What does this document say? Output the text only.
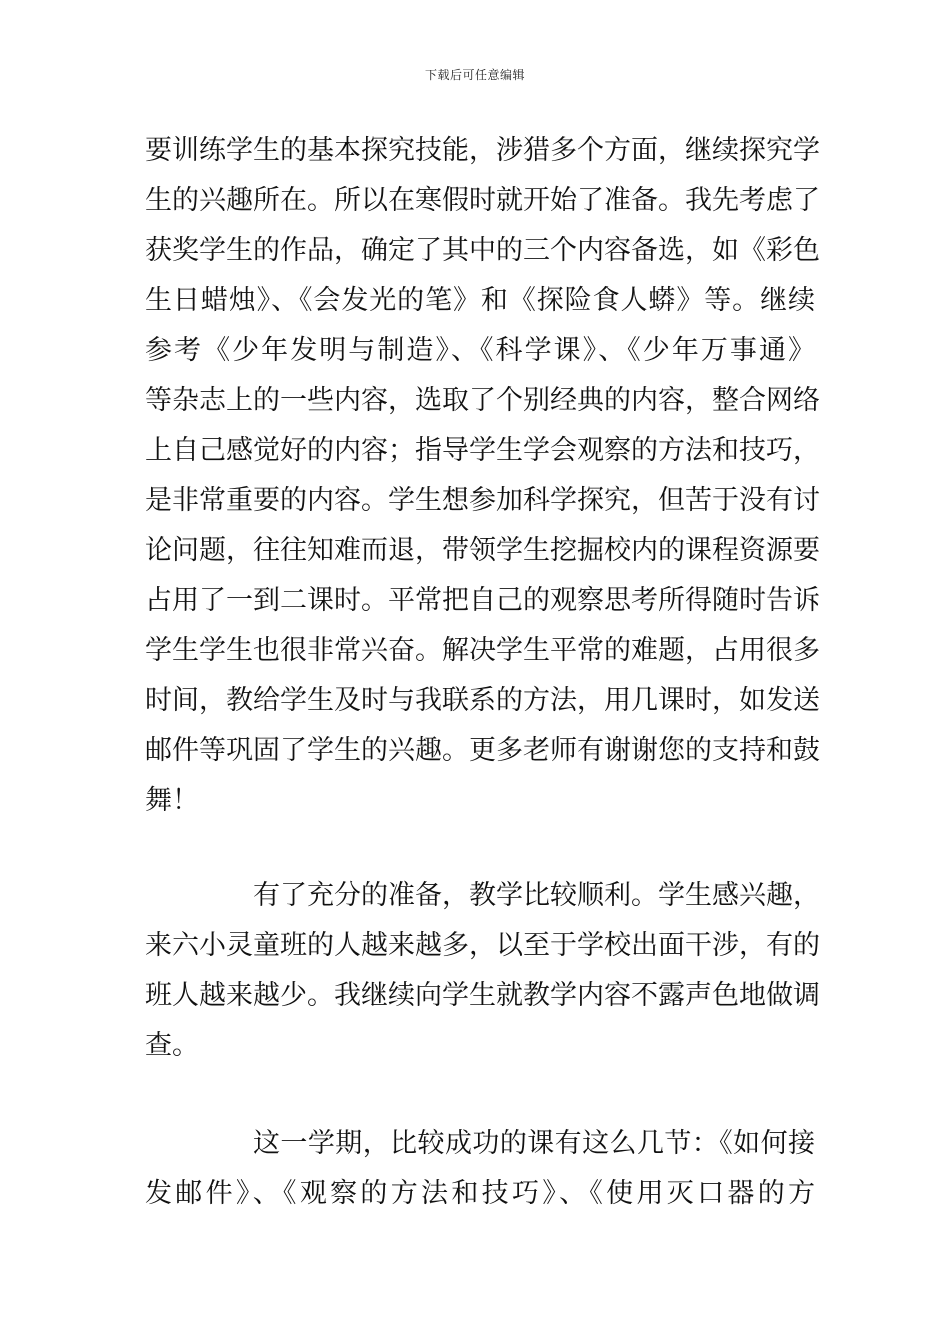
下载后可任意编辑
要训练学生的基本探究技能，涉猎多个方面，继续探究学
生的兴趣所在。所以在寒假时就开始了准备。我先考虑了
获奖学生的作品，确定了其中的三个内容备选，如《彩色
生日蜡烛》、《会发光的笔》和《探险食人蟒》等。继续
参考《少年发明与制造》、《科学课》、《少年万事通》
等杂志上的一些内容，选取了个别经典的内容，整合网络
上自己感觉好的内容；指导学生学会观察的方法和技巧，
是非常重要的内容。学生想参加科学探究，但苦于没有讨
论问题，往往知难而退，带领学生挖掘校内的课程资源要
占用了一到二课时。平常把自己的观察思考所得随时告诉
学生学生也很非常兴奋。解决学生平常的难题，占用很多
时间，教给学生及时与我联系的方法，用几课时，如发送
邮件等巩固了学生的兴趣。更多老师有谢谢您的支持和鼓
舞！
有了充分的准备，教学比较顺利。学生感兴趣，
来六小灵童班的人越来越多，以至于学校出面干涉，有的
班人越来越少。我继续向学生就教学内容不露声色地做调
查。
这一学期，比较成功的课有这么几节：《如何接
发邮件》、《观察的方法和技巧》、《使用灭口器的方
